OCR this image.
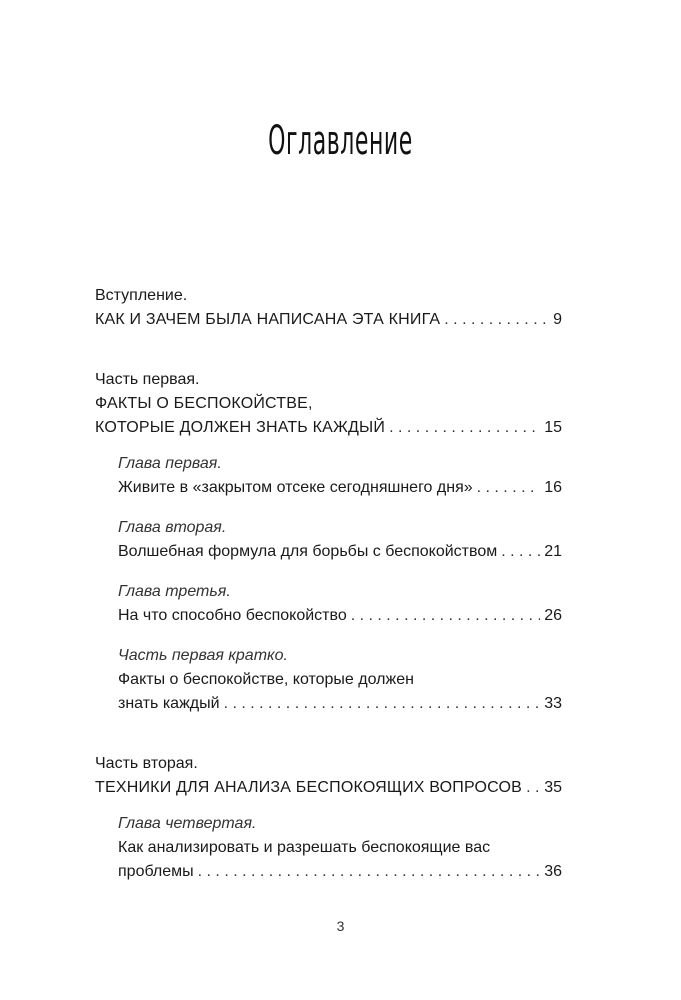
Оглавление
Вступление.
КАК И ЗАЧЕМ БЫЛА НАПИСАНА ЭТА КНИГА . . .	9
Часть первая.
ФАКТЫ О БЕСПОКОЙСТВЕ,
КОТОРЫЕ ДОЛЖЕН ЗНАТЬ КАЖДЫЙ . . .	15
Глава первая.
Живите в «закрытом отсеке сегодняшнего дня» . . .	16
Глава вторая.
Волшебная формула для борьбы с беспокойством . . .	21
Глава третья.
На что способно беспокойство . . .	26
Часть первая кратко.
Факты о беспокойстве, которые должен
знать каждый . . .	33
Часть вторая.
ТЕХНИКИ ДЛЯ АНАЛИЗА БЕСПОКОЯЩИХ ВОПРОСОВ . . . 35
Глава четвертая.
Как анализировать и разрешать беспокоящие вас
проблемы . . .	36
3
